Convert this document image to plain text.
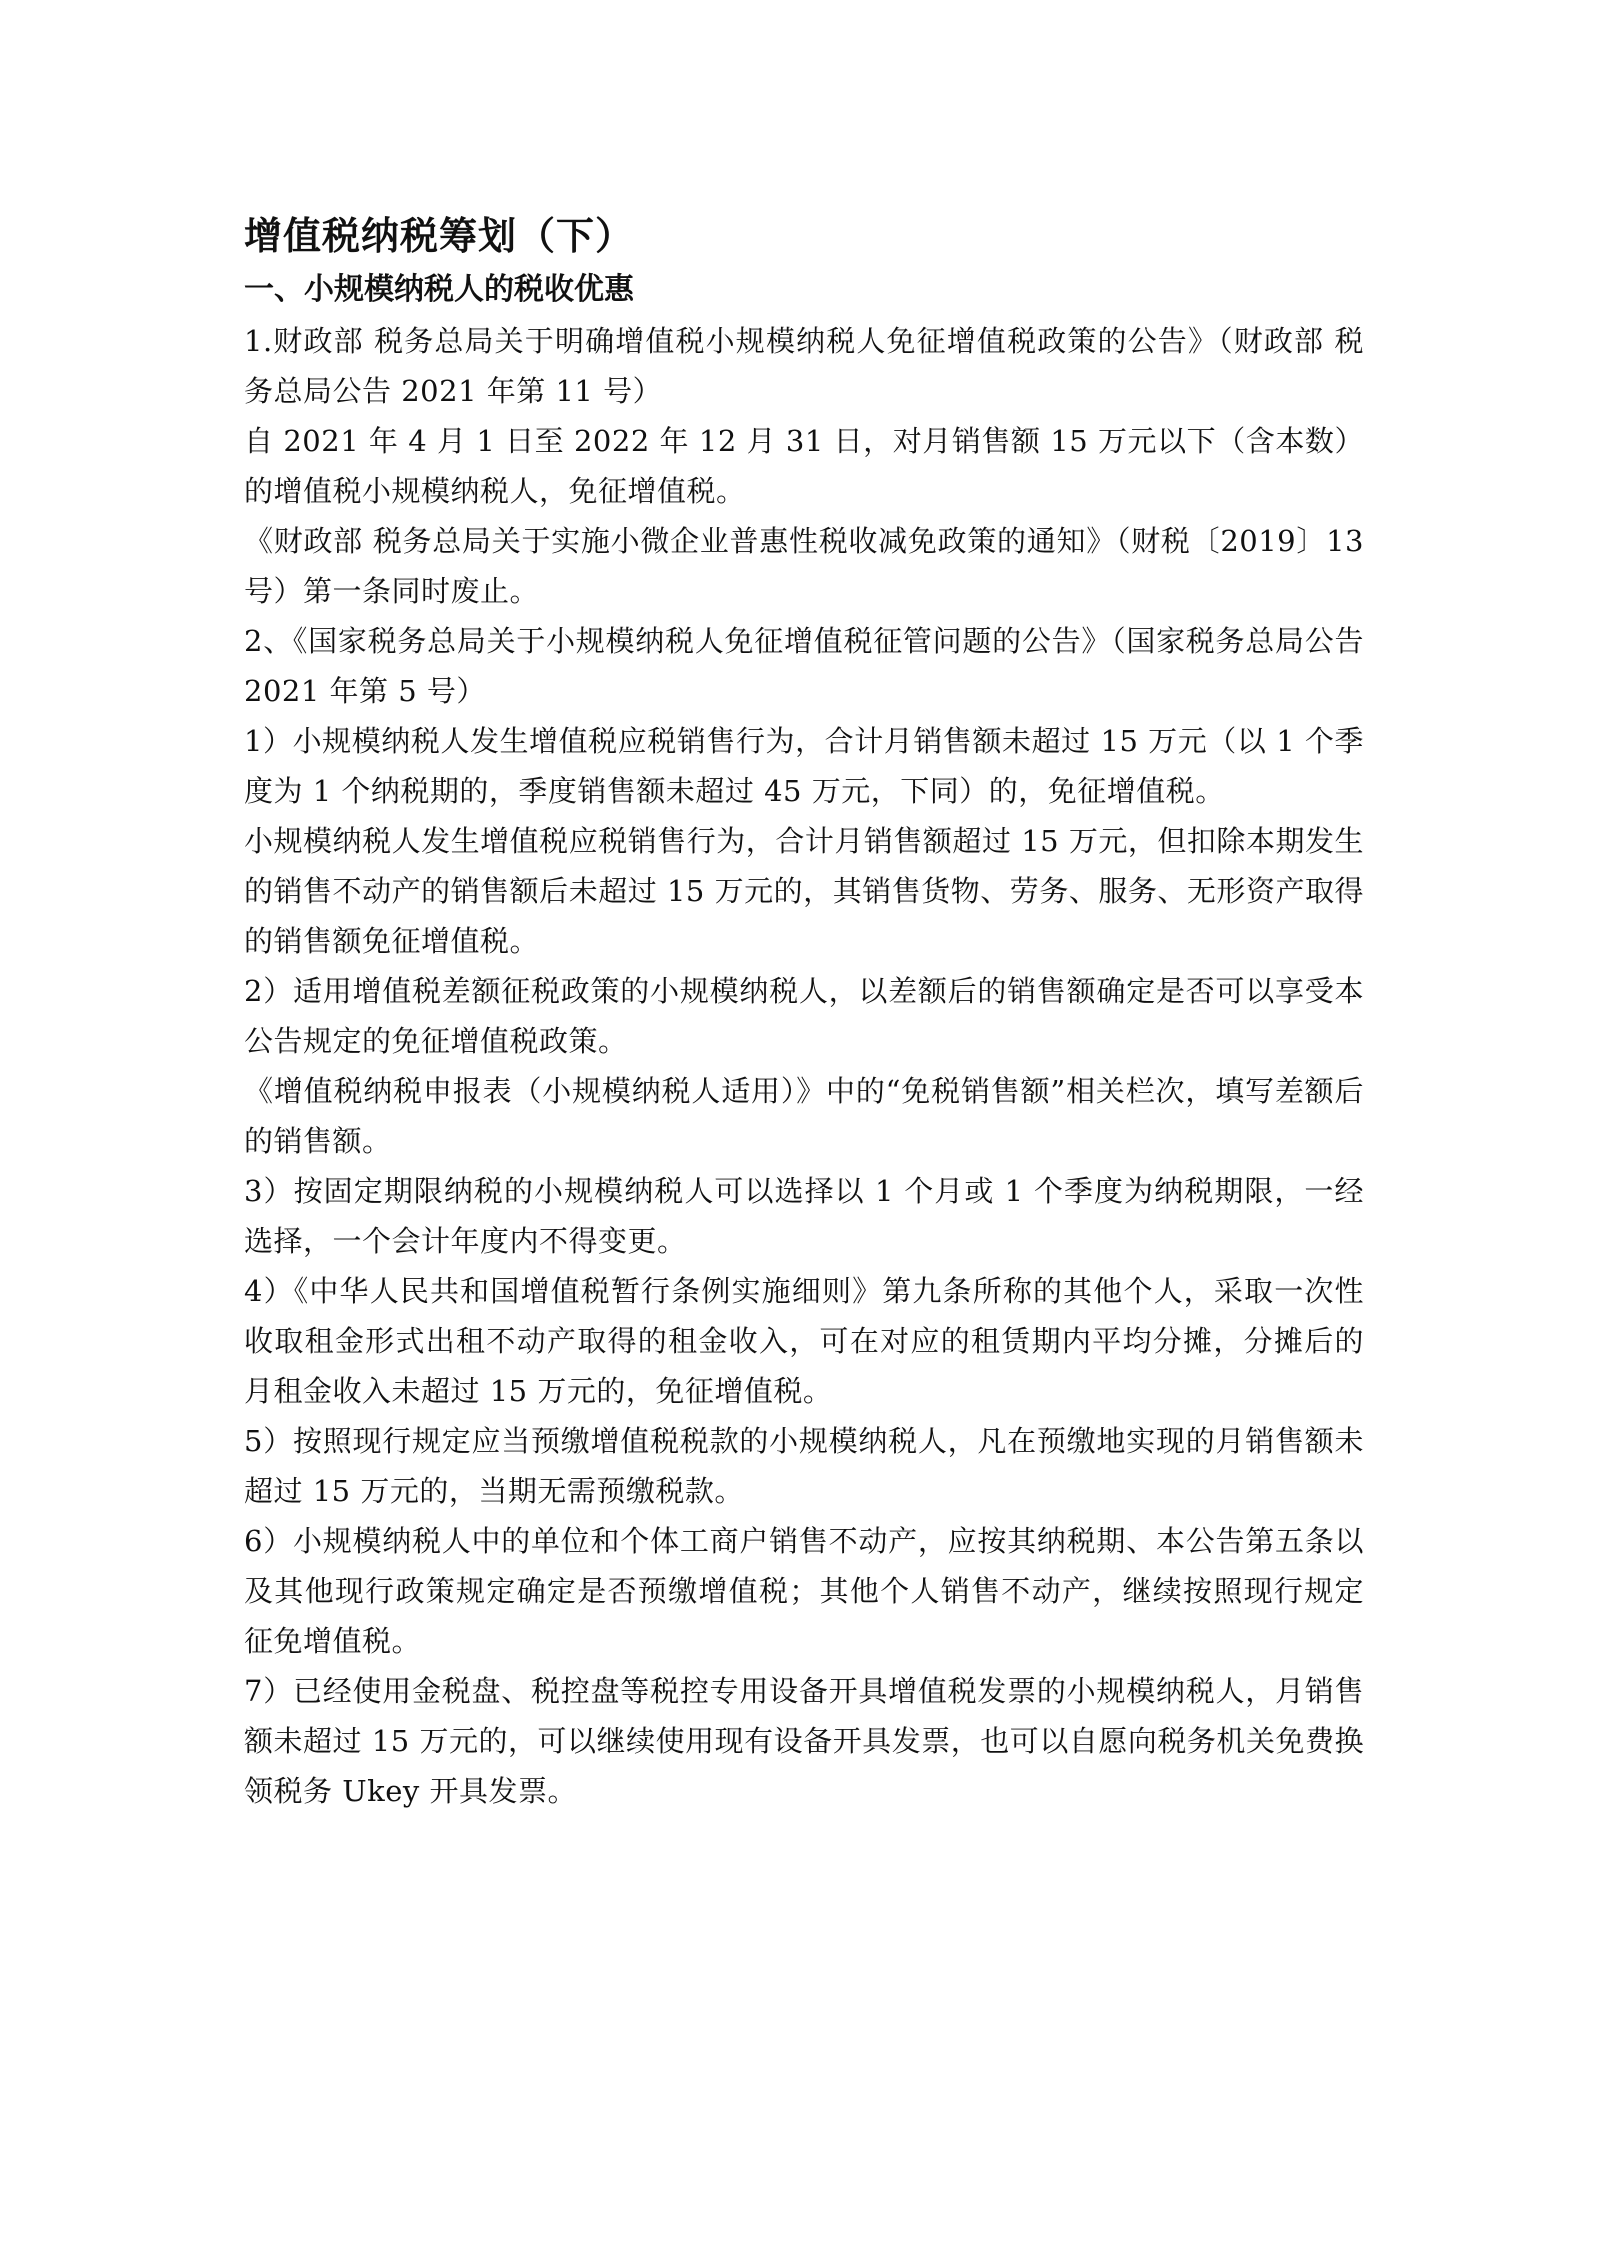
增值税纳税筹划（下）
一、小规模纳税人的税收优惠

1.财政部 税务总局关于明确增值税小规模纳税人免征增值税政策的公告》（财政部 税务总局公告 2021 年第 11 号）

自 2021 年 4 月 1 日至 2022 年 12 月 31 日，对月销售额 15 万元以下（含本数）的增值税小规模纳税人，免征增值税。

《财政部 税务总局关于实施小微企业普惠性税收减免政策的通知》（财税〔2019〕13 号）第一条同时废止。

2、《国家税务总局关于小规模纳税人免征增值税征管问题的公告》（国家税务总局公告 2021 年第 5 号）

1）小规模纳税人发生增值税应税销售行为，合计月销售额未超过 15 万元（以 1 个季度为 1 个纳税期的，季度销售额未超过 45 万元，下同）的，免征增值税。

小规模纳税人发生增值税应税销售行为，合计月销售额超过 15 万元，但扣除本期发生的销售不动产的销售额后未超过 15 万元的，其销售货物、劳务、服务、无形资产取得的销售额免征增值税。

2）适用增值税差额征税政策的小规模纳税人，以差额后的销售额确定是否可以享受本公告规定的免征增值税政策。

《增值税纳税申报表（小规模纳税人适用）》中的“免税销售额”相关栏次，填写差额后的销售额。

3）按固定期限纳税的小规模纳税人可以选择以 1 个月或 1 个季度为纳税期限，一经选择，一个会计年度内不得变更。

4）《中华人民共和国增值税暂行条例实施细则》第九条所称的其他个人，采取一次性收取租金形式出租不动产取得的租金收入，可在对应的租赁期内平均分摊，分摊后的月租金收入未超过 15 万元的，免征增值税。

5）按照现行规定应当预缴增值税税款的小规模纳税人，凡在预缴地实现的月销售额未超过 15 万元的，当期无需预缴税款。

6）小规模纳税人中的单位和个体工商户销售不动产，应按其纳税期、本公告第五条以及其他现行政策规定确定是否预缴增值税；其他个人销售不动产，继续按照现行规定征免增值税。

7）已经使用金税盘、税控盘等税控专用设备开具增值税发票的小规模纳税人，月销售额未超过 15 万元的，可以继续使用现有设备开具发票，也可以自愿向税务机关免费换领税务 Ukey 开具发票。
